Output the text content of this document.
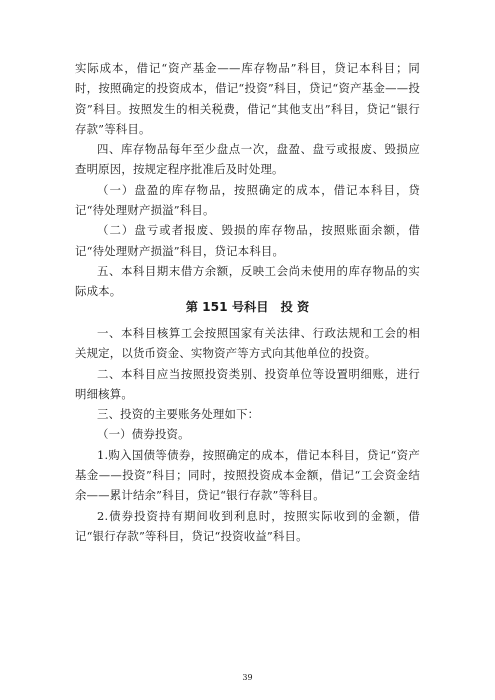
实际成本，借记“资产基金——库存物品”科目，贷记本科目；同时，按照确定的投资成本，借记“投资”科目，贷记“资产基金——投资”科目。按照发生的相关税费，借记“其他支出”科目，贷记“银行存款”等科目。

四、库存物品每年至少盘点一次，盘盈、盘亏或报废、毁损应查明原因，按规定程序批准后及时处理。

（一）盘盈的库存物品，按照确定的成本，借记本科目，贷记“待处理财产损溢”科目。

（二）盘亏或者报废、毁损的库存物品，按照账面余额，借记“待处理财产损溢”科目，贷记本科目。

五、本科目期末借方余额，反映工会尚未使用的库存物品的实际成本。

第 151 号科目　投 资

一、本科目核算工会按照国家有关法律、行政法规和工会的相关规定，以货币资金、实物资产等方式向其他单位的投资。

二、本科目应当按照投资类别、投资单位等设置明细账，进行明细核算。

三、投资的主要账务处理如下：

（一）债券投资。

1.购入国债等债券，按照确定的成本，借记本科目，贷记“资产基金——投资”科目；同时，按照投资成本金额，借记“工会资金结余——累计结余”科目，贷记“银行存款”等科目。

2.债券投资持有期间收到利息时，按照实际收到的金额，借记“银行存款”等科目，贷记“投资收益”科目。

39
